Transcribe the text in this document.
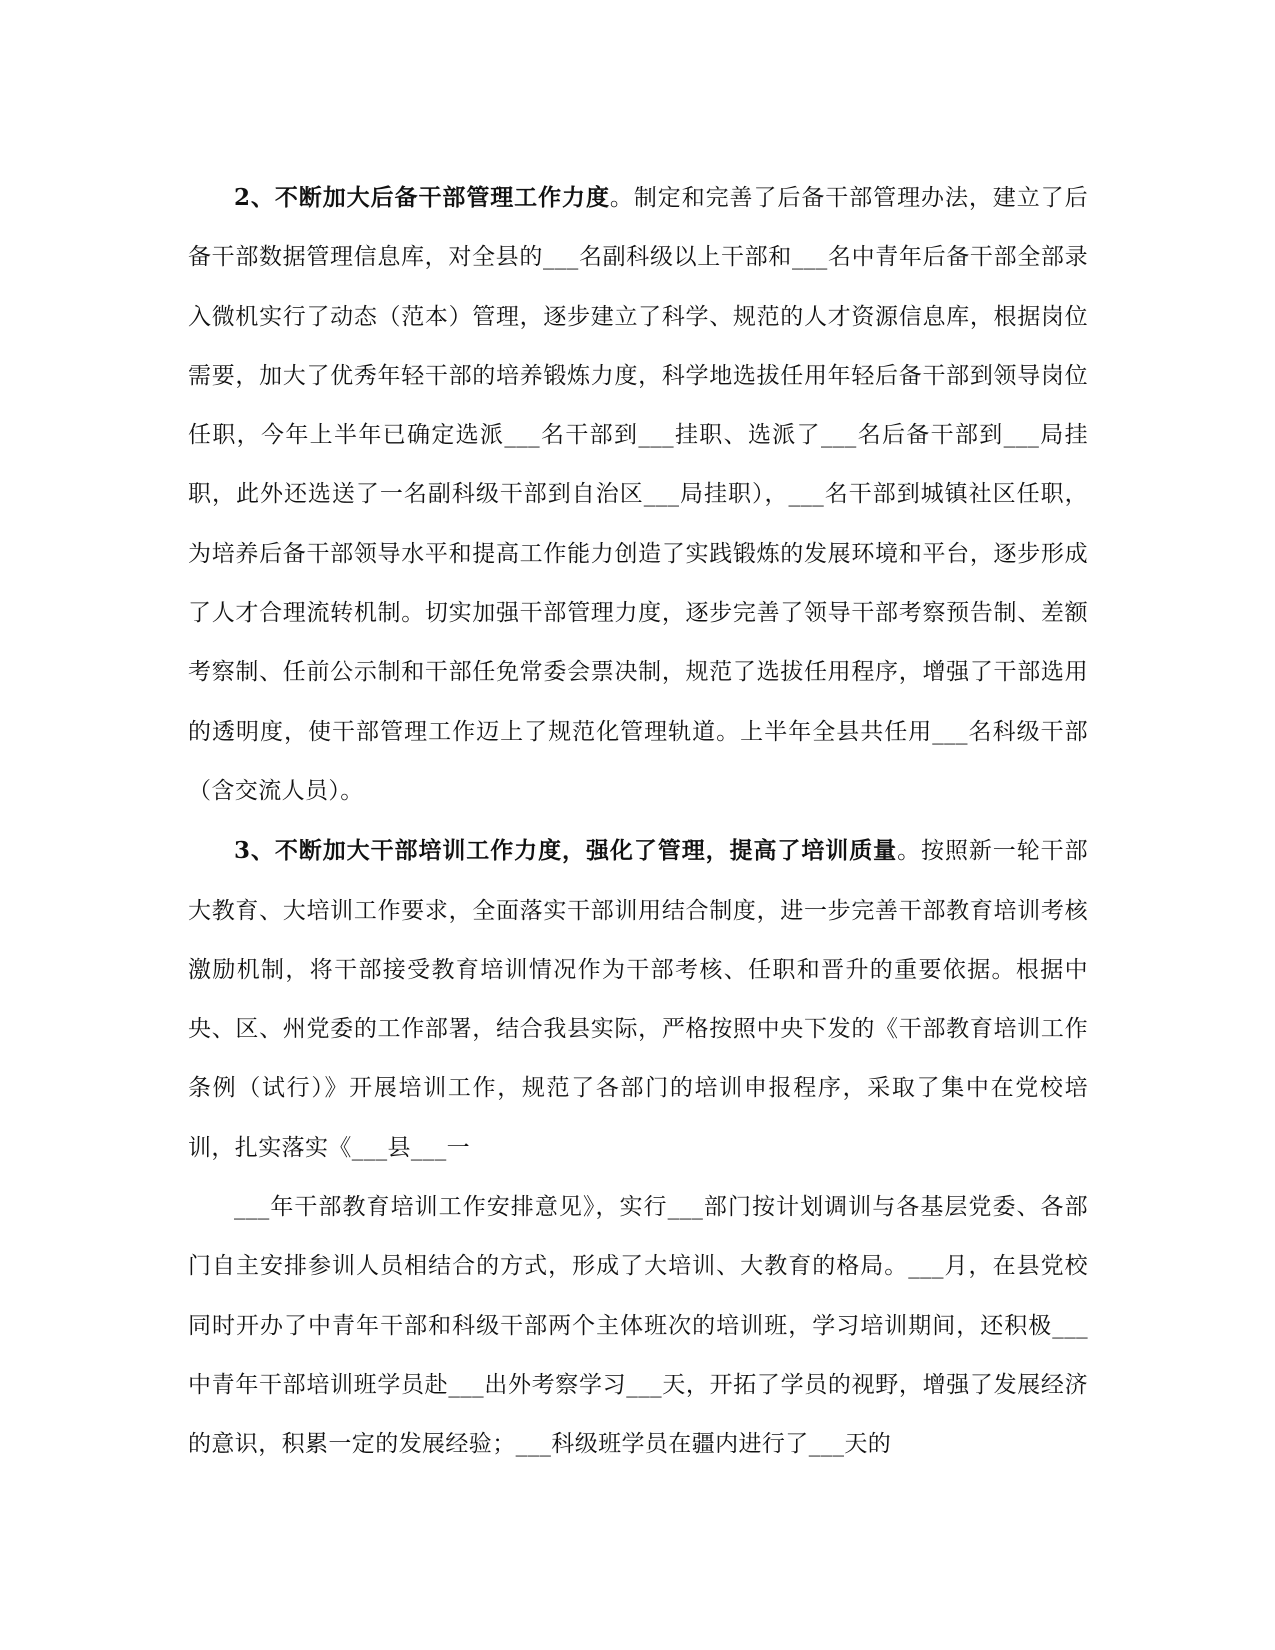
2、不断加大后备干部管理工作力度。制定和完善了后备干部管理办法，建立了后备干部数据管理信息库，对全县的___名副科级以上干部和___名中青年后备干部全部录入微机实行了动态（范本）管理，逐步建立了科学、规范的人才资源信息库，根据岗位需要，加大了优秀年轻干部的培养锻炼力度，科学地选拔任用年轻后备干部到领导岗位任职，今年上半年已确定选派___名干部到___挂职、选派了___名后备干部到___局挂职，此外还选送了一名副科级干部到自治区___局挂职），___名干部到城镇社区任职，为培养后备干部领导水平和提高工作能力创造了实践锻炼的发展环境和平台，逐步形成了人才合理流转机制。切实加强干部管理力度，逐步完善了领导干部考察预告制、差额考察制、任前公示制和干部任免常委会票决制，规范了选拔任用程序，增强了干部选用的透明度，使干部管理工作迈上了规范化管理轨道。上半年全县共任用___名科级干部（含交流人员）。

3、不断加大干部培训工作力度，强化了管理，提高了培训质量。按照新一轮干部大教育、大培训工作要求，全面落实干部训用结合制度，进一步完善干部教育培训考核激励机制，将干部接受教育培训情况作为干部考核、任职和晋升的重要依据。根据中央、区、州党委的工作部署，结合我县实际，严格按照中央下发的《干部教育培训工作条例（试行）》开展培训工作，规范了各部门的培训申报程序，采取了集中在党校培训，扎实落实《___县___一
___年干部教育培训工作安排意见》，实行___部门按计划调训与各基层党委、各部门自主安排参训人员相结合的方式，形成了大培训、大教育的格局。___月，在县党校同时开办了中青年干部和科级干部两个主体班次的培训班，学习培训期间，还积极___中青年干部培训班学员赴___出外考察学习___天，开拓了学员的视野，增强了发展经济的意识，积累一定的发展经验；___科级班学员在疆内进行了___天的
